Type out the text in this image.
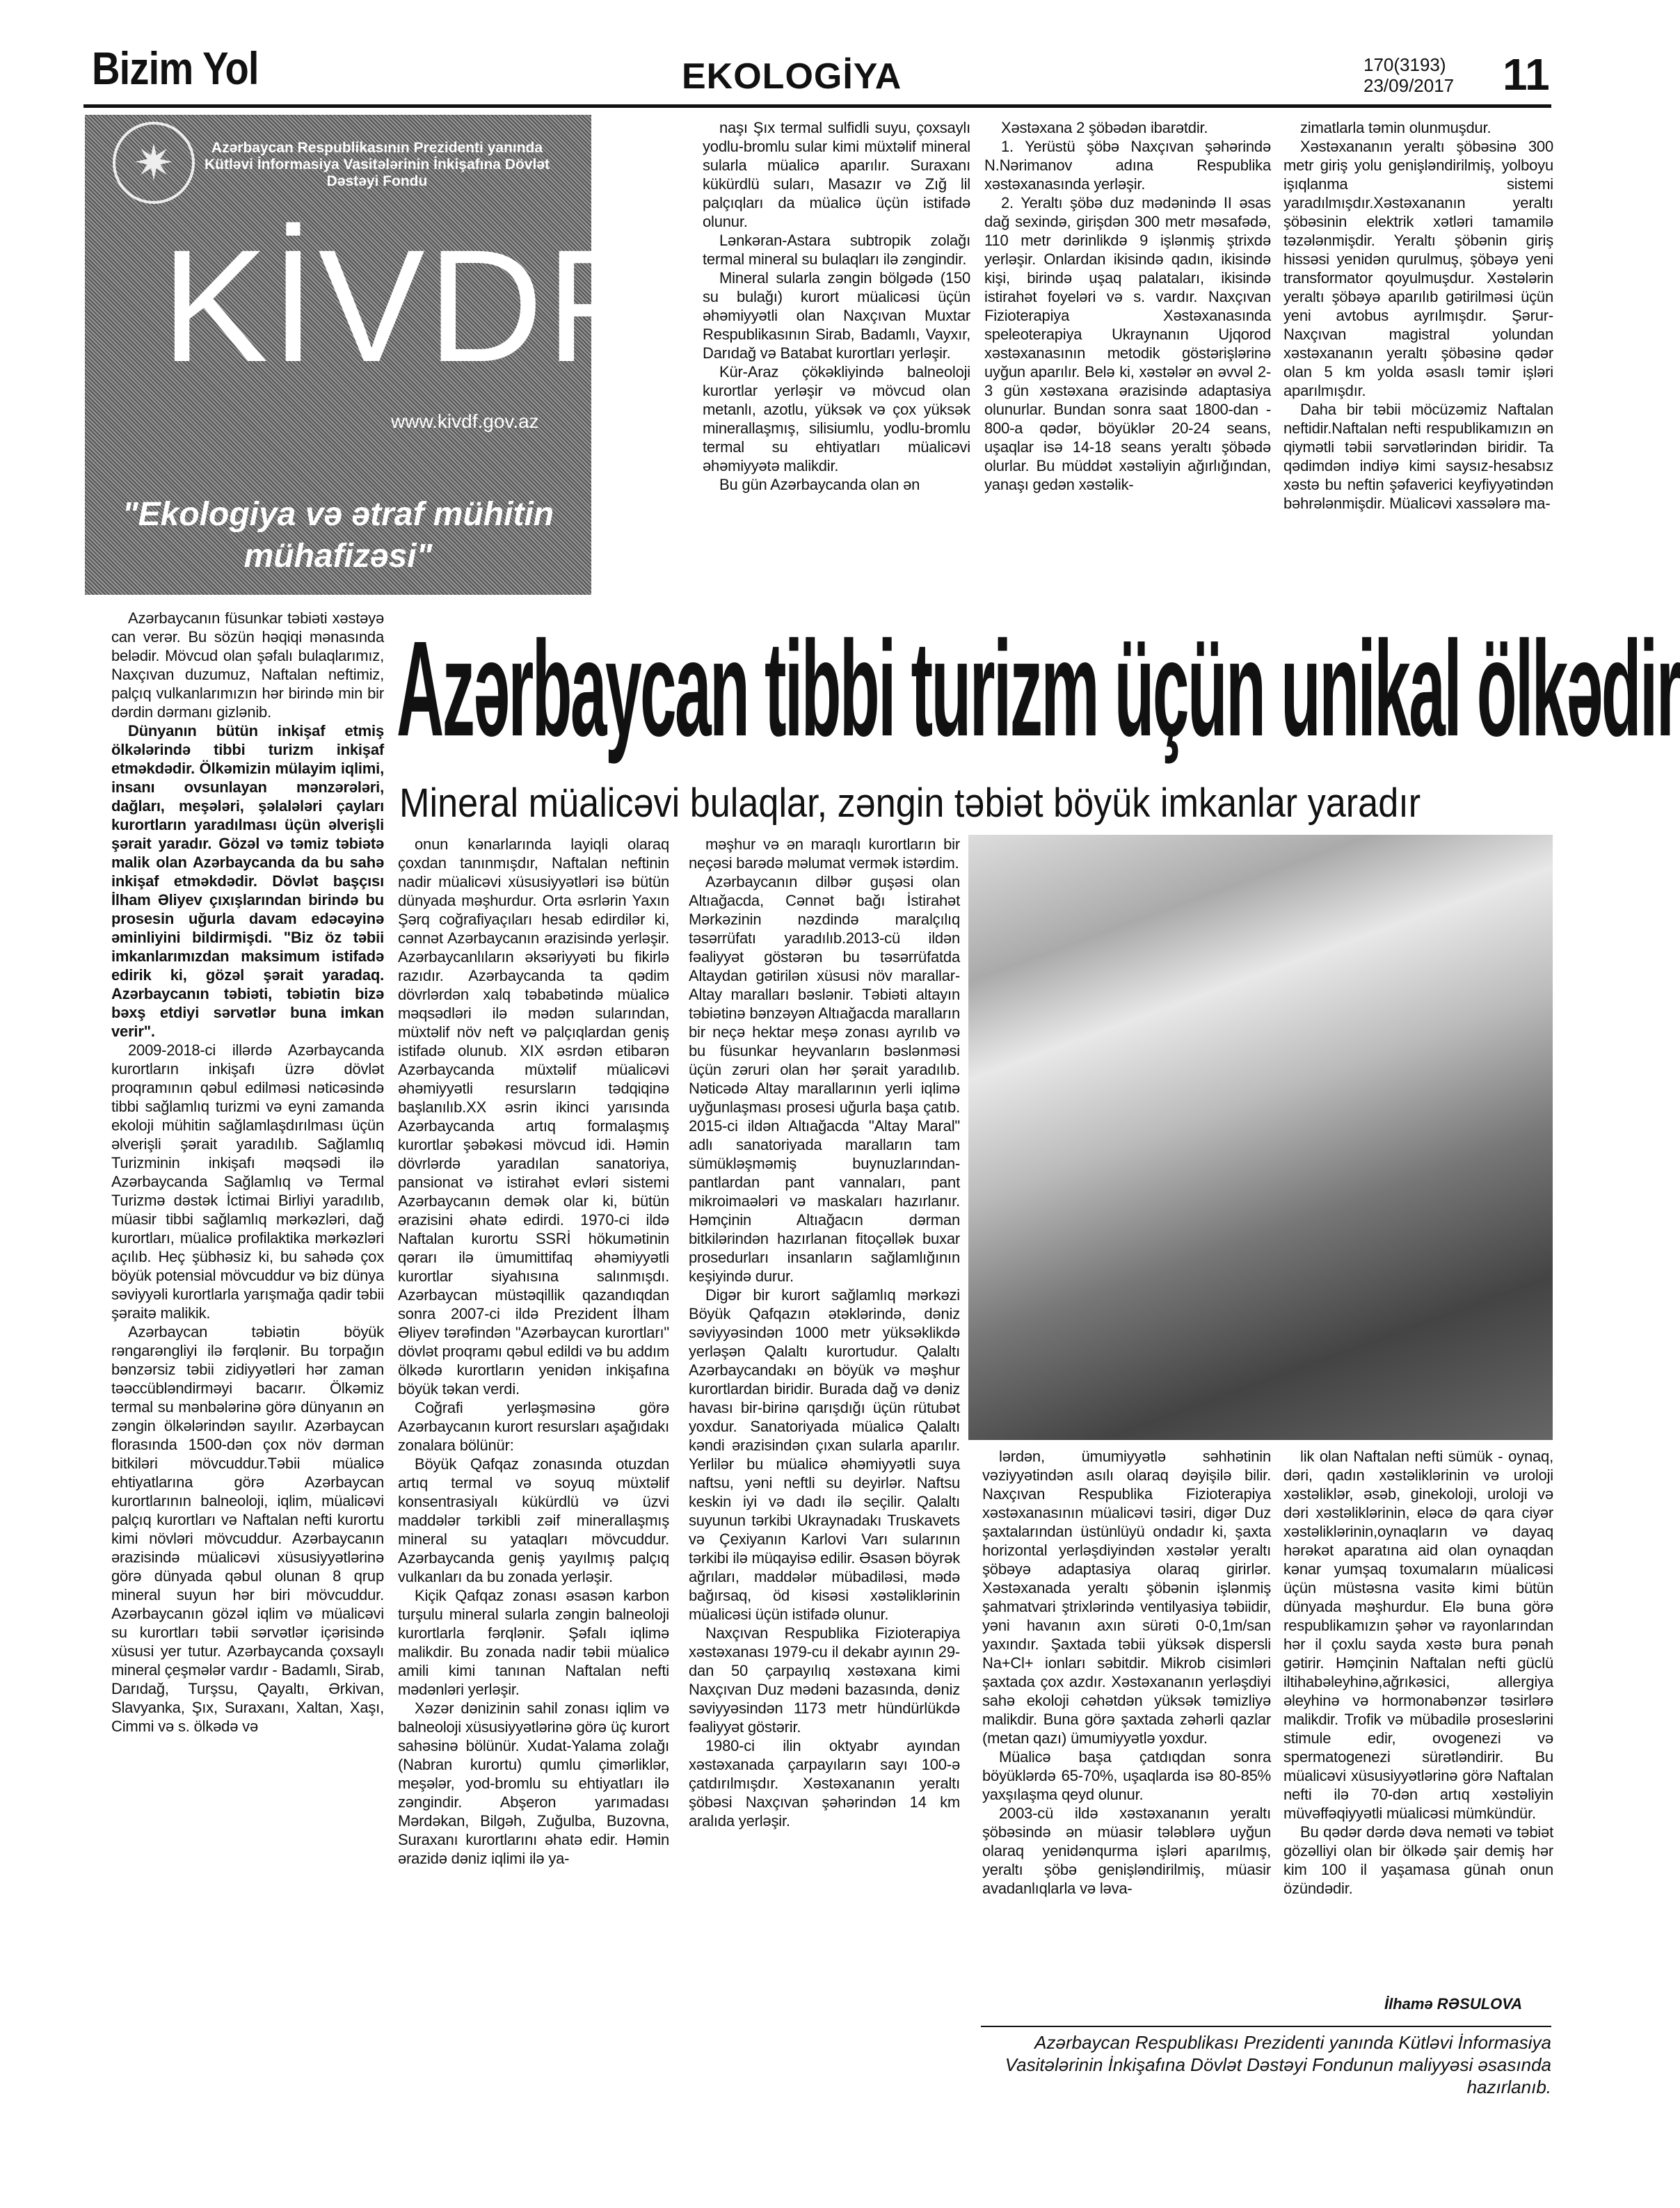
Bizim Yol	EKOLOGİYA	170(3193)
23/09/2017 11
✷	Azərbaycan Respublikasının Prezidenti yanında Kütləvi İnformasiya Vasitələrinin İnkişafına Dövlət Dəstəyi Fondu
KİVDF
www.kivdf.gov.az
"Ekologiya və ətraf mühitin mühafizəsi"

naşı Şıx termal sulfidli suyu, çoxsaylı yodlu-bromlu sular kimi müxtəlif mineral sularla müalicə aparılır. Suraxanı kükürdlü suları, Masazır və Zığ lil palçıqları da müalicə üçün istifadə olunur.

Lənkəran-Astara subtropik zolağı termal mineral su bulaqları ilə zəngindir.

Mineral sularla zəngin bölgədə (150 su bulağı) kurort müalicəsi üçün əhəmiyyətli olan Naxçıvan Muxtar Respublikasının Sirab, Badamlı, Vayxır, Darıdağ və Batabat kurortları yerləşir.

Kür-Araz çökəkliyində balneoloji kurortlar yerləşir və mövcud olan metanlı, azotlu, yüksək və çox yüksək minerallaşmış, silisiumlu, yodlu-bromlu termal su ehtiyatları müalicəvi əhəmiyyətə malikdir.

Bu gün Azərbaycanda olan ən

Xəstəxana 2 şöbədən ibarətdir.

1. Yerüstü şöbə Naxçıvan şəhərində N.Nərimanov adına Respublika xəstəxanasında yerləşir.

2. Yeraltı şöbə duz mədənində II əsas dağ sexində, girişdən 300 metr məsafədə, 110 metr dərinlikdə 9 işlənmiş ştrixdə yerləşir. Onlardan ikisində qadın, ikisində kişi, birində uşaq palataları, ikisində istirahət foyeləri və s. vardır. Naxçıvan Fizioterapiya Xəstəxanasında speleoterapiya Ukraynanın Ujqorod xəstəxanasının metodik göstərişlərinə uyğun aparılır. Belə ki, xəstələr ən əvvəl 2-3 gün xəstəxana ərazisində adaptasiya olunurlar. Bundan sonra saat 1800-dan - 800-a qədər, böyüklər 20-24 seans, uşaqlar isə 14-18 seans yeraltı şöbədə olurlar. Bu müddət xəstəliyin ağırlığından, yanaşı gedən xəstəlik-

zimatlarla təmin olunmuşdur.

Xəstəxananın yeraltı şöbəsinə 300 metr giriş yolu genişləndirilmiş, yolboyu işıqlanma sistemi yaradılmışdır.Xəstəxananın yeraltı şöbəsinin elektrik xətləri tamamilə təzələnmişdir. Yeraltı şöbənin giriş hissəsi yenidən qurulmuş, şöbəyə yeni transformator qoyulmuşdur. Xəstələrin yeraltı şöbəyə aparılıb gətirilməsi üçün yeni avtobus ayrılmışdır. Şərur-Naxçıvan magistral yolundan xəstəxananın yeraltı şöbəsinə qədər olan 5 km yolda əsaslı təmir işləri aparılmışdır.

Daha bir təbii möcüzəmiz Naftalan neftidir.Naftalan nefti respublikamızın ən qiymətli təbii sərvətlərindən biridir. Ta qədimdən indiyə kimi saysız-hesabsız xəstə bu neftin şəfaverici keyfiyyətindən bəhrələnmişdir. Müalicəvi xassələrə ma-

Azərbaycanın füsunkar təbiəti xəstəyə can verər. Bu sözün həqiqi mənasında belədir. Mövcud olan şəfalı bulaqlarımız, Naxçıvan duzumuz, Naftalan neftimiz, palçıq vulkanlarımızın hər birində min bir dərdin dərmanı gizlənib.

Dünyanın bütün inkişaf etmiş ölkələrində tibbi turizm inkişaf etməkdədir. Ölkəmizin mülayim iqlimi, insanı ovsunlayan mənzərələri, dağları, meşələri, şəlalələri çayları kurortların yaradılması üçün əlverişli şərait yaradır. Gözəl və təmiz təbiətə malik olan Azərbaycanda da bu sahə inkişaf etməkdədir. Dövlət başçısı İlham Əliyev çıxışlarından birində bu prosesin uğurla davam edəcəyinə əminliyini bildirmişdi. "Biz öz təbii imkanlarımızdan maksimum istifadə edirik ki, gözəl şərait yaradaq. Azərbaycanın təbiəti, təbiətin bizə bəxş etdiyi sərvətlər buna imkan verir".

2009-2018-ci illərdə Azərbaycanda kurortların inkişafı üzrə dövlət proqramının qəbul edilməsi nəticəsində tibbi sağlamlıq turizmi və eyni zamanda ekoloji mühitin sağlamlaşdırılması üçün əlverişli şərait yaradılıb. Sağlamlıq Turizminin inkişafı məqsədi ilə Azərbaycanda Sağlamlıq və Termal Turizmə dəstək İctimai Birliyi yaradılıb, müasir tibbi sağlamlıq mərkəzləri, dağ kurortları, müalicə profilaktika mərkəzləri açılıb. Heç şübhəsiz ki, bu sahədə çox böyük potensial mövcuddur və biz dünya səviyyəli kurortlarla yarışmağa qadir təbii şəraitə malikik.

Azərbaycan təbiətin böyük rəngarəngliyi ilə fərqlənir. Bu torpağın bənzərsiz təbii zidiyyətləri hər zaman təəccübləndirməyi bacarır. Ölkəmiz termal su mənbələrinə görə dünyanın ən zəngin ölkələrindən sayılır. Azərbaycan florasında 1500-dən çox növ dərman bitkiləri mövcuddur.Təbii müalicə ehtiyatlarına görə Azərbaycan kurortlarının balneoloji, iqlim, müalicəvi palçıq kurortları və Naftalan nefti kurortu kimi növləri mövcuddur. Azərbaycanın ərazisində müalicəvi xüsusiyyətlərinə görə dünyada qəbul olunan 8 qrup mineral suyun hər biri mövcuddur. Azərbaycanın gözəl iqlim və müalicəvi su kurortları təbii sərvətlər içərisində xüsusi yer tutur. Azərbaycanda çoxsaylı mineral çeşmələr vardır - Badamlı, Sirab, Darıdağ, Turşsu, Qayaltı, Ərkivan, Slavyanka, Şıx, Suraxanı, Xaltan, Xaşı, Cimmi və s. ölkədə və

Azərbaycan tibbi turizm üçün unikal ölkədir
Mineral müalicəvi bulaqlar, zəngin təbiət böyük imkanlar yaradır

onun kənarlarında layiqli olaraq çoxdan tanınmışdır, Naftalan neftinin nadir müalicəvi xüsusiyyətləri isə bütün dünyada məşhurdur. Orta əsrlərin Yaxın Şərq coğrafiyaçıları hesab edirdilər ki, cənnət Azərbaycanın ərazisində yerləşir. Azərbaycanlıların əksəriyyəti bu fikirlə razıdır. Azərbaycanda ta qədim dövrlərdən xalq təbabətində müalicə məqsədləri ilə mədən sularından, müxtəlif növ neft və palçıqlardan geniş istifadə olunub. XIX əsrdən etibarən Azərbaycanda müxtəlif müalicəvi əhəmiyyətli resursların tədqiqinə başlanılıb.XX əsrin ikinci yarısında Azərbaycanda artıq formalaşmış kurortlar şəbəkəsi mövcud idi. Həmin dövrlərdə yaradılan sanatoriya, pansionat və istirahət evləri sistemi Azərbaycanın demək olar ki, bütün ərazisini əhatə edirdi. 1970-ci ildə Naftalan kurortu SSRİ hökumətinin qərarı ilə ümumittifaq əhəmiyyətli kurortlar siyahısına salınmışdı. Azərbaycan müstəqillik qazandıqdan sonra 2007-ci ildə Prezident İlham Əliyev tərəfindən "Azərbaycan kurortları" dövlət proqramı qəbul edildi və bu addım ölkədə kurortların yenidən inkişafına böyük təkan verdi.

Coğrafi yerləşməsinə görə Azərbaycanın kurort resursları aşağıdakı zonalara bölünür:

Böyük Qafqaz zonasında otuzdan artıq termal və soyuq müxtəlif konsentrasiyalı kükürdlü və üzvi maddələr tərkibli zəif minerallaşmış mineral su yataqları mövcuddur. Azərbaycanda geniş yayılmış palçıq vulkanları da bu zonada yerləşir.

Kiçik Qafqaz zonası əsasən karbon turşulu mineral sularla zəngin balneoloji kurortlarla fərqlənir. Şəfalı iqlimə malikdir. Bu zonada nadir təbii müalicə amili kimi tanınan Naftalan nefti mədənləri yerləşir.

Xəzər dənizinin sahil zonası iqlim və balneoloji xüsusiyyətlərinə görə üç kurort sahəsinə bölünür. Xudat-Yalama zolağı (Nabran kurortu) qumlu çimərliklər, meşələr, yod-bromlu su ehtiyatları ilə zəngindir. Abşeron yarımadası Mərdəkan, Bilgəh, Zuğulba, Buzovna, Suraxanı kurortlarını əhatə edir. Həmin ərazidə dəniz iqlimi ilə ya-

məşhur və ən maraqlı kurortların bir neçəsi barədə məlumat vermək istərdim.

Azərbaycanın dilbər guşəsi olan Altıağacda, Cənnət bağı İstirahət Mərkəzinin nəzdində maralçılıq təsərrüfatı yaradılıb.2013-cü ildən fəaliyyət göstərən bu təsərrüfatda Altaydan gətirilən xüsusi növ marallar- Altay maralları bəslənir. Təbiəti altayın təbiətinə bənzəyən Altıağacda maralların bir neçə hektar meşə zonası ayrılıb və bu füsunkar heyvanların bəslənməsi üçün zəruri olan hər şərait yaradılıb. Nəticədə Altay marallarının yerli iqlimə uyğunlaşması prosesi uğurla başa çatıb. 2015-ci ildən Altıağacda "Altay Maral" adlı sanatoriyada maralların tam sümükləşməmiş buynuzlarından- pantlardan pant vannaları, pant mikroimaələri və maskaları hazırlanır. Həmçinin Altıağacın dərman bitkilərindən hazırlanan fitoçəllək buxar prosedurları insanların sağlamlığının keşiyində durur.

Digər bir kurort sağlamlıq mərkəzi Böyük Qafqazın ətəklərində, dəniz səviyyəsindən 1000 metr yüksəklikdə yerləşən Qalaltı kurortudur. Qalaltı Azərbaycandakı ən böyük və məşhur kurortlardan biridir. Burada dağ və dəniz havası bir-birinə qarışdığı üçün rütubət yoxdur. Sanatoriyada müalicə Qalaltı kəndi ərazisindən çıxan sularla aparılır. Yerlilər bu müalicə əhəmiyyətli suya naftsu, yəni neftli su deyirlər. Naftsu keskin iyi və dadı ilə seçilir. Qalaltı suyunun tərkibi Ukraynadakı Truskavets və Çexiyanın Karlovi Varı sularının tərkibi ilə müqayisə edilir. Əsasən böyrək ağrıları, maddələr mübadiləsi, mədə bağırsaq, öd kisəsi xəstəliklərinin müalicəsi üçün istifadə olunur.

Naxçıvan Respublika Fizioterapiya xəstəxanası 1979-cu il dekabr ayının 29-dan 50 çarpayılıq xəstəxana kimi Naxçıvan Duz mədəni bazasında, dəniz səviyyəsindən 1173 metr hündürlükdə fəaliyyət göstərir.

1980-ci ilin oktyabr ayından xəstəxanada çarpayıların sayı 100-ə çatdırılmışdır. Xəstəxananın yeraltı şöbəsi Naxçıvan şəhərindən 14 km aralıda yerləşir.

lərdən, ümumiyyətlə səhhətinin vəziyyətindən asılı olaraq dəyişilə bilir. Naxçıvan Respublika Fizioterapiya xəstəxanasının müalicəvi təsiri, digər Duz şaxtalarından üstünlüyü ondadır ki, şaxta horizontal yerləşdiyindən xəstələr yeraltı şöbəyə adaptasiya olaraq girirlər. Xəstəxanada yeraltı şöbənin işlənmiş şahmatvari ştrixlərində ventilyasiya təbiidir, yəni havanın axın sürəti 0-0,1m/san yaxındır. Şaxtada təbii yüksək dispersli Na+Cl+ ionları səbitdir. Mikrob cisimləri şaxtada çox azdır. Xəstəxananın yerləşdiyi sahə ekoloji cəhətdən yüksək təmizliyə malikdir. Buna görə şaxtada zəhərli qazlar (metan qazı) ümumiyyətlə yoxdur.

Müalicə başa çatdıqdan sonra böyüklərdə 65-70%, uşaqlarda isə 80-85% yaxşılaşma qeyd olunur.

2003-cü ildə xəstəxananın yeraltı şöbəsində ən müasir tələblərə uyğun olaraq yenidənqurma işləri aparılmış, yeraltı şöbə genişləndirilmiş, müasir avadanlıqlarla və ləva-

lik olan Naftalan nefti sümük - oynaq, dəri, qadın xəstəliklərinin və uroloji xəstəliklər, əsəb, ginekoloji, uroloji və dəri xəstəliklərinin, eləcə də qara ciyər xəstəliklərinin,oynaqların və dayaq hərəkət aparatına aid olan oynaqdan kənar yumşaq toxumaların müalicəsi üçün müstəsna vasitə kimi bütün dünyada məşhurdur. Elə buna görə respublikamızın şəhər və rayonlarından hər il çoxlu sayda xəstə bura pənah gətirir. Həmçinin Naftalan nefti güclü iltihabəleyhinə,ağrıkəsici, allergiya əleyhinə və hormonabənzər təsirlərə malikdir. Trofik və mübadilə proseslərini stimule edir, ovogenezi və spermatogenezi sürətləndirir. Bu müalicəvi xüsusiyyətlərinə görə Naftalan nefti ilə 70-dən artıq xəstəliyin müvəffəqiyyətli müalicəsi mümkündür.

Bu qədər dərdə dəva neməti və təbiət gözəlliyi olan bir ölkədə şair demiş hər kim 100 il yaşamasa günah onun özündədir.

İlhamə RƏSULOVA
Azərbaycan Respublikası Prezidenti yanında Kütləvi İnformasiya Vasitələrinin İnkişafına Dövlət Dəstəyi Fondunun maliyyəsi əsasında hazırlanıb.
